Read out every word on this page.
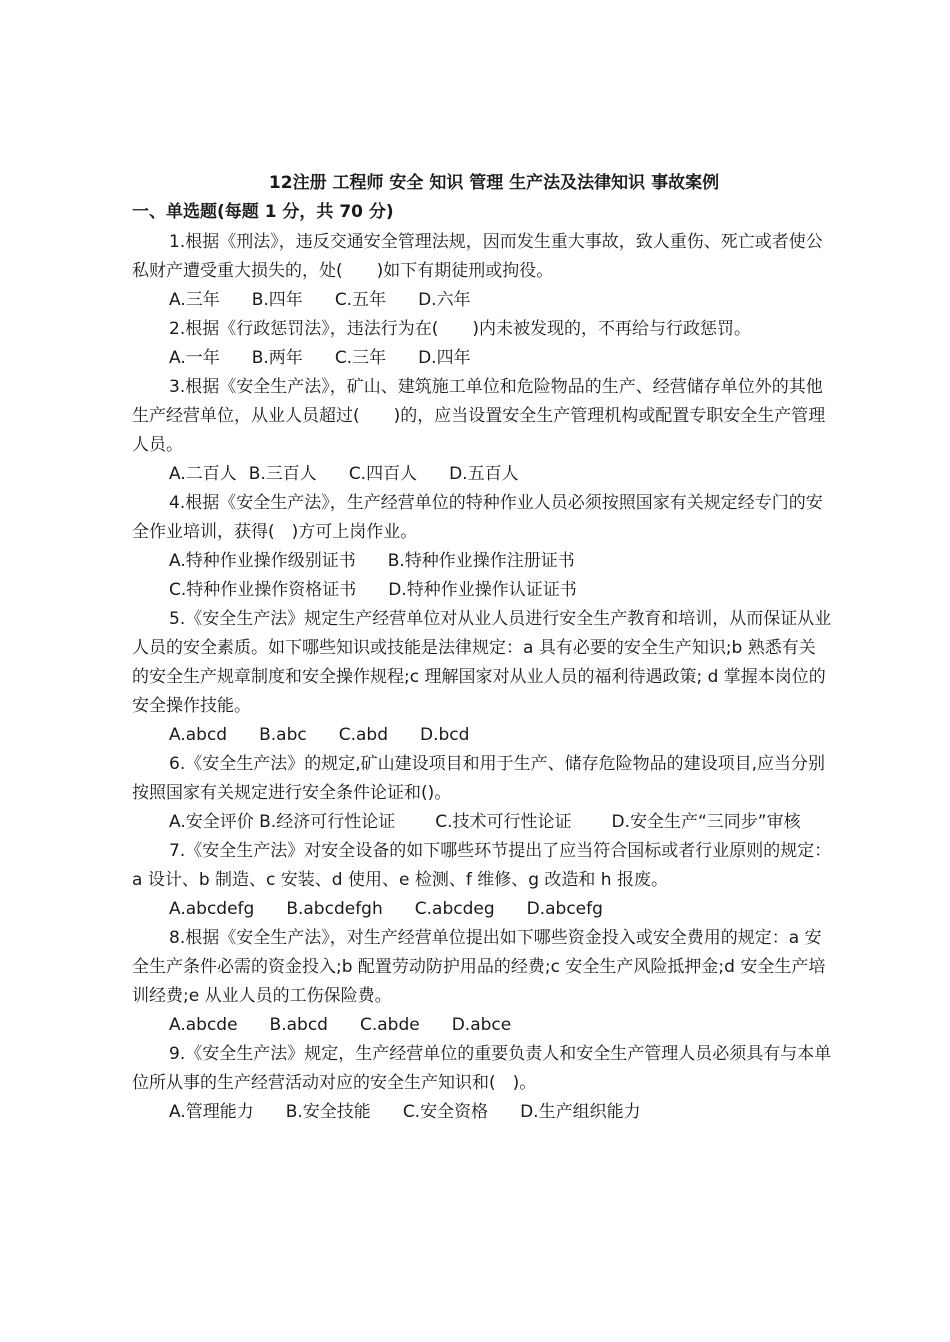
12注册 工程师 安全 知识 管理 生产法及法律知识 事故案例
一、单选题(每题 1 分，共 70 分)

1.根据《刑法》，违反交通安全管理法规，因而发生重大事故，致人重伤、死亡或者使公私财产遭受重大损失的，处(　　)如下有期徒刑或拘役。

A.三年 B.四年 C.五年 D.六年

2.根据《行政惩罚法》，违法行为在(　　)内未被发现的，不再给与行政惩罚。

A.一年 B.两年 C.三年 D.四年

3.根据《安全生产法》，矿山、建筑施工单位和危险物品的生产、经营储存单位外的其他生产经营单位，从业人员超过(　　)的，应当设置安全生产管理机构或配置专职安全生产管理人员。

A.二百人 B.三百人 C.四百人 D.五百人

4.根据《安全生产法》，生产经营单位的特种作业人员必须按照国家有关规定经专门的安全作业培训，获得(　)方可上岗作业。

A.特种作业操作级别证书 B.特种作业操作注册证书

C.特种作业操作资格证书 D.特种作业操作认证证书

5.《安全生产法》规定生产经营单位对从业人员进行安全生产教育和培训，从而保证从业人员的安全素质。如下哪些知识或技能是法律规定：a 具有必要的安全生产知识;b 熟悉有关的安全生产规章制度和安全操作规程;c 理解国家对从业人员的福利待遇政策; d 掌握本岗位的安全操作技能。

A.abcd B.abc C.abd D.bcd

6.《安全生产法》的规定,矿山建设项目和用于生产、储存危险物品的建设项目,应当分别按照国家有关规定进行安全条件论证和()。

A.安全评价 B.经济可行性论证 C.技术可行性论证 D.安全生产“三同步”审核

7.《安全生产法》对安全设备的如下哪些环节提出了应当符合国标或者行业原则的规定：a 设计、b 制造、c 安装、d 使用、e 检测、f 维修、g 改造和 h 报废。

A.abcdefg B.abcdefgh C.abcdeg D.abcefg

8.根据《安全生产法》，对生产经营单位提出如下哪些资金投入或安全费用的规定：a 安全生产条件必需的资金投入;b 配置劳动防护用品的经费;c 安全生产风险抵押金;d 安全生产培训经费;e 从业人员的工伤保险费。

A.abcde B.abcd C.abde D.abce

9.《安全生产法》规定，生产经营单位的重要负责人和安全生产管理人员必须具有与本单位所从事的生产经营活动对应的安全生产知识和(　)。

A.管理能力 B.安全技能 C.安全资格 D.生产组织能力
